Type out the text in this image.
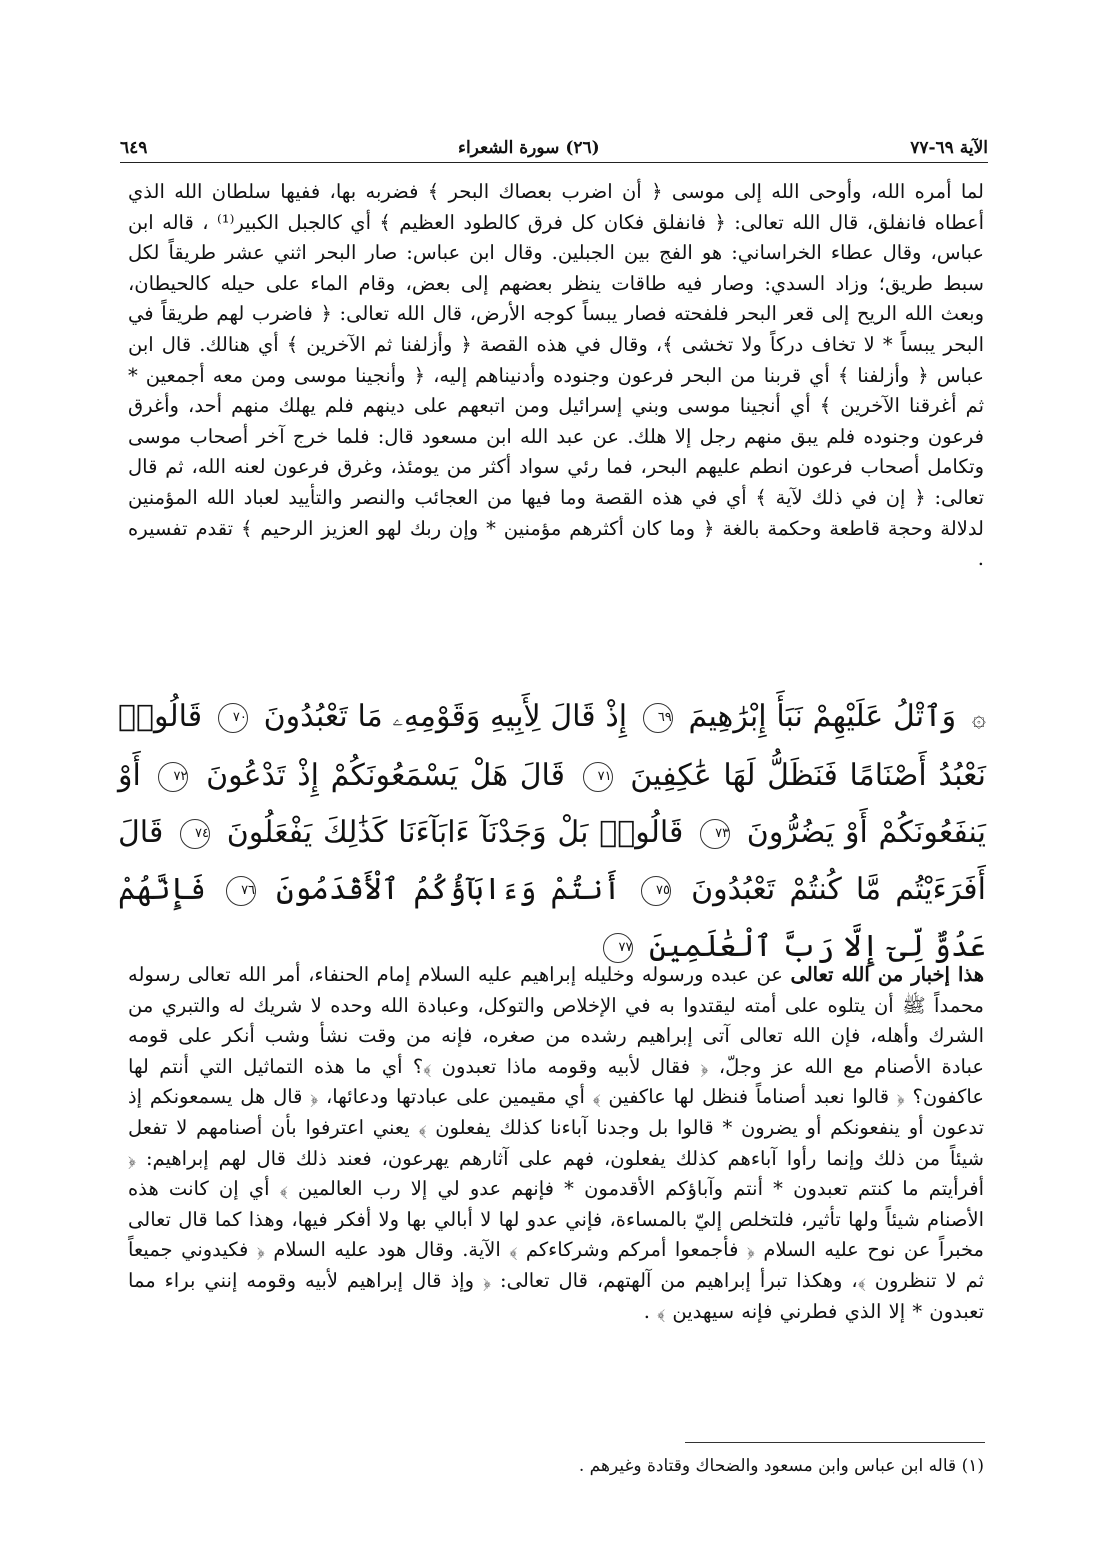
الآية ٦٩-٧٧
(٢٦) سورة الشعراء
٦٤٩

لما أمره الله، وأوحى الله إلى موسى ﴿ أن اضرب بعصاك البحر ﴾ فضربه بها، ففيها سلطان الله الذي أعطاه فانفلق، قال الله تعالى: ﴿ فانفلق فكان كل فرق كالطود العظيم ﴾ أي كالجبل الكبير⁽¹⁾ ، قاله ابن عباس، وقال عطاء الخراساني: هو الفج بين الجبلين. وقال ابن عباس: صار البحر اثني عشر طريقاً لكل سبط طريق؛ وزاد السدي: وصار فيه طاقات ينظر بعضهم إلى بعض، وقام الماء على حيله كالحيطان، وبعث الله الريح إلى قعر البحر فلفحته فصار يبساً كوجه الأرض، قال الله تعالى: ﴿ فاضرب لهم طريقاً في البحر يبساً * لا تخاف دركاً ولا تخشى ﴾، وقال في هذه القصة ﴿ وأزلفنا ثم الآخرين ﴾ أي هنالك. قال ابن عباس ﴿ وأزلفنا ﴾ أي قربنا من البحر فرعون وجنوده وأدنيناهم إليه، ﴿ وأنجينا موسى ومن معه أجمعين * ثم أغرقنا الآخرين ﴾ أي أنجينا موسى وبني إسرائيل ومن اتبعهم على دينهم فلم يهلك منهم أحد، وأغرق فرعون وجنوده فلم يبق منهم رجل إلا هلك. عن عبد الله ابن مسعود قال: فلما خرج آخر أصحاب موسى وتكامل أصحاب فرعون انطم عليهم البحر، فما رئي سواد أكثر من يومئذ، وغرق فرعون لعنه الله، ثم قال تعالى: ﴿ إن في ذلك لآية ﴾ أي في هذه القصة وما فيها من العجائب والنصر والتأييد لعباد الله المؤمنين لدلالة وحجة قاطعة وحكمة بالغة ﴿ وما كان أكثرهم مؤمنين * وإن ربك لهو العزيز الرحيم ﴾ تقدم تفسيره .

۞ وَٱتْلُ عَلَيْهِمْ نَبَأَ إِبْرَٰهِيمَ ٦٩ إِذْ قَالَ لِأَبِيهِ وَقَوْمِهِۦ مَا تَعْبُدُونَ ٧٠ قَالُوا۟ نَعْبُدُ أَصْنَامًا فَنَظَلُّ لَهَا عَٰكِفِينَ ٧١ قَالَ هَلْ يَسْمَعُونَكُمْ إِذْ تَدْعُونَ ٧٢ أَوْ يَنفَعُونَكُمْ أَوْ يَضُرُّونَ ٧٣ قَالُوا۟ بَلْ وَجَدْنَآ ءَابَآءَنَا كَذَٰلِكَ يَفْعَلُونَ ٧٤ قَالَ أَفَرَءَيْتُم مَّا كُنتُمْ تَعْبُدُونَ ٧٥ أَنتُمْ وَءَابَآؤُكُمُ ٱلْأَقْدَمُونَ ٧٦ فَإِنَّهُمْ عَدُوٌّ لِّىٓ إِلَّا رَبَّ ٱلْعَٰلَمِينَ ٧٧

هذا إخبار من الله تعالى عن عبده ورسوله وخليله إبراهيم عليه السلام إمام الحنفاء، أمر الله تعالى رسوله محمداً ﷺ أن يتلوه على أمته ليقتدوا به في الإخلاص والتوكل، وعبادة الله وحده لا شريك له والتبري من الشرك وأهله، فإن الله تعالى آتى إبراهيم رشده من صغره، فإنه من وقت نشأ وشب أنكر على قومه عبادة الأصنام مع الله عز وجلّ، ﴿ فقال لأبيه وقومه ماذا تعبدون ﴾؟ أي ما هذه التماثيل التي أنتم لها عاكفون؟ ﴿ قالوا نعبد أصناماً فنظل لها عاكفين ﴾ أي مقيمين على عبادتها ودعائها، ﴿ قال هل يسمعونكم إذ تدعون أو ينفعونكم أو يضرون * قالوا بل وجدنا آباءنا كذلك يفعلون ﴾ يعني اعترفوا بأن أصنامهم لا تفعل شيئاً من ذلك وإنما رأوا آباءهم كذلك يفعلون، فهم على آثارهم يهرعون، فعند ذلك قال لهم إبراهيم: ﴿ أفرأيتم ما كنتم تعبدون * أنتم وآباؤكم الأقدمون * فإنهم عدو لي إلا رب العالمين ﴾ أي إن كانت هذه الأصنام شيئاً ولها تأثير، فلتخلص إليّ بالمساءة، فإني عدو لها لا أبالي بها ولا أفكر فيها، وهذا كما قال تعالى مخبراً عن نوح عليه السلام ﴿ فأجمعوا أمركم وشركاءكم ﴾ الآية. وقال هود عليه السلام ﴿ فكيدوني جميعاً ثم لا تنظرون ﴾، وهكذا تبرأ إبراهيم من آلهتهم، قال تعالى: ﴿ وإذ قال إبراهيم لأبيه وقومه إنني براء مما تعبدون * إلا الذي فطرني فإنه سيهدين ﴾ .

(١) قاله ابن عباس وابن مسعود والضحاك وقتادة وغيرهم .
